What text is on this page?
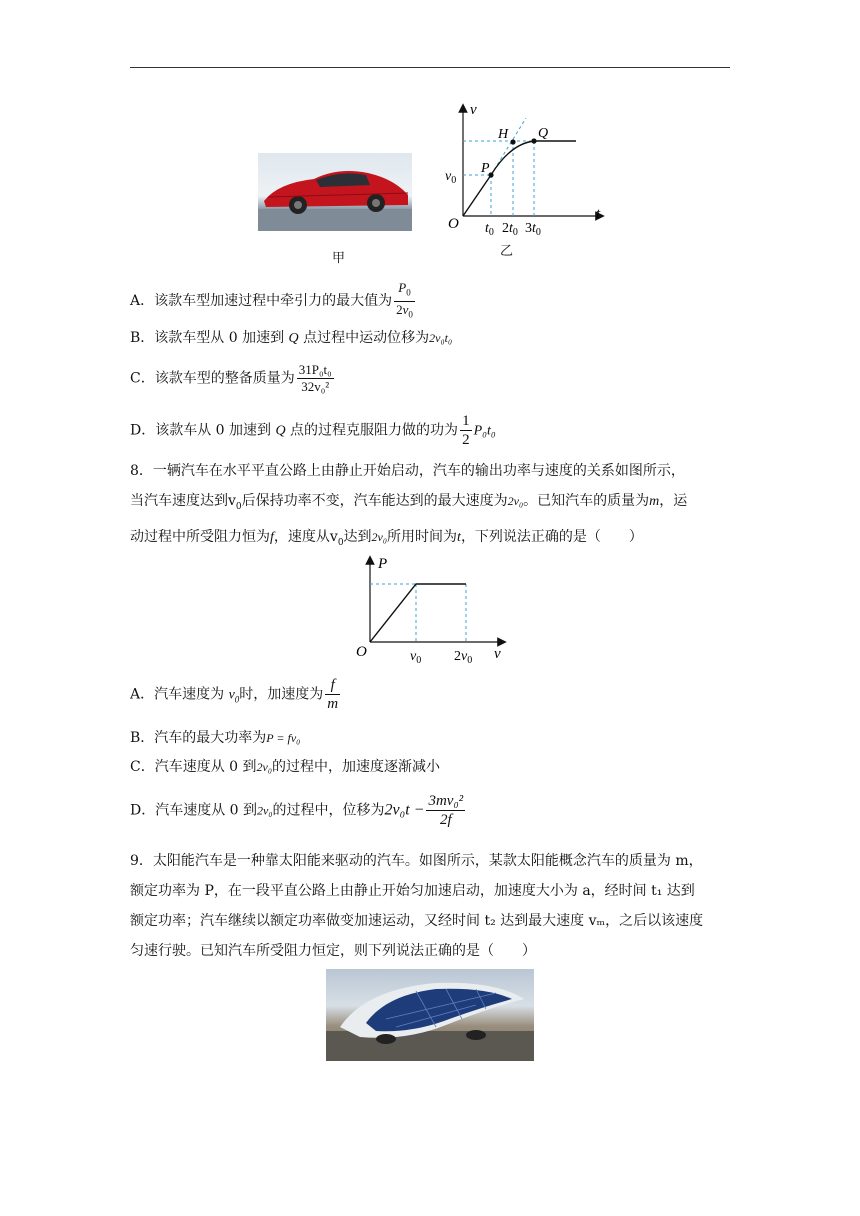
甲
v
t
O
$v_0$
P
H Q
$t_0$ $2t_0$ $3t_0$
乙
A．该款车型加速过程中牵引力的最大值为 $\frac{P_0}{2v_0}$
B．该款车型从 0 加速到 Q 点过程中运动位移为2v₀t₀
C．该款车型的整备质量为 $\frac{\text{31P₀t₀}}{\text{32v₀²}}$
D．该款车从 0 加速到 Q 点的过程克服阻力做的功为 $\frac{1}{2} P_0t_0$
8．一辆汽车在水平平直公路上由静止开始启动，汽车的输出功率与速度的关系如图所示，
当汽车速度达到$v_0$后保持功率不变，汽车能达到的最大速度为2v₀。已知汽车的质量为m，运
动过程中所受阻力恒为f，速度从$v_0$达到2v₀所用时间为t，下列说法正确的是（　　）
P
v
O	$v_0$ $2v_0$
A．汽车速度为 $v_0$时，加速度为 $\frac{f}{m}$
B．汽车的最大功率为P = fv₀
C．汽车速度从 0 到2v₀的过程中，加速度逐渐减小
D．汽车速度从 0 到2v₀的过程中，位移为$2v_0t - \frac{\text{3mv₀²}}{2f}$
9．太阳能汽车是一种靠太阳能来驱动的汽车。如图所示，某款太阳能概念汽车的质量为 m，
额定功率为 P，在一段平直公路上由静止开始匀加速启动，加速度大小为 a，经时间 t₁ 达到
额定功率；汽车继续以额定功率做变加速运动，又经时间 t₂ 达到最大速度 vₘ，之后以该速度
匀速行驶。已知汽车所受阻力恒定，则下列说法正确的是（　　）
